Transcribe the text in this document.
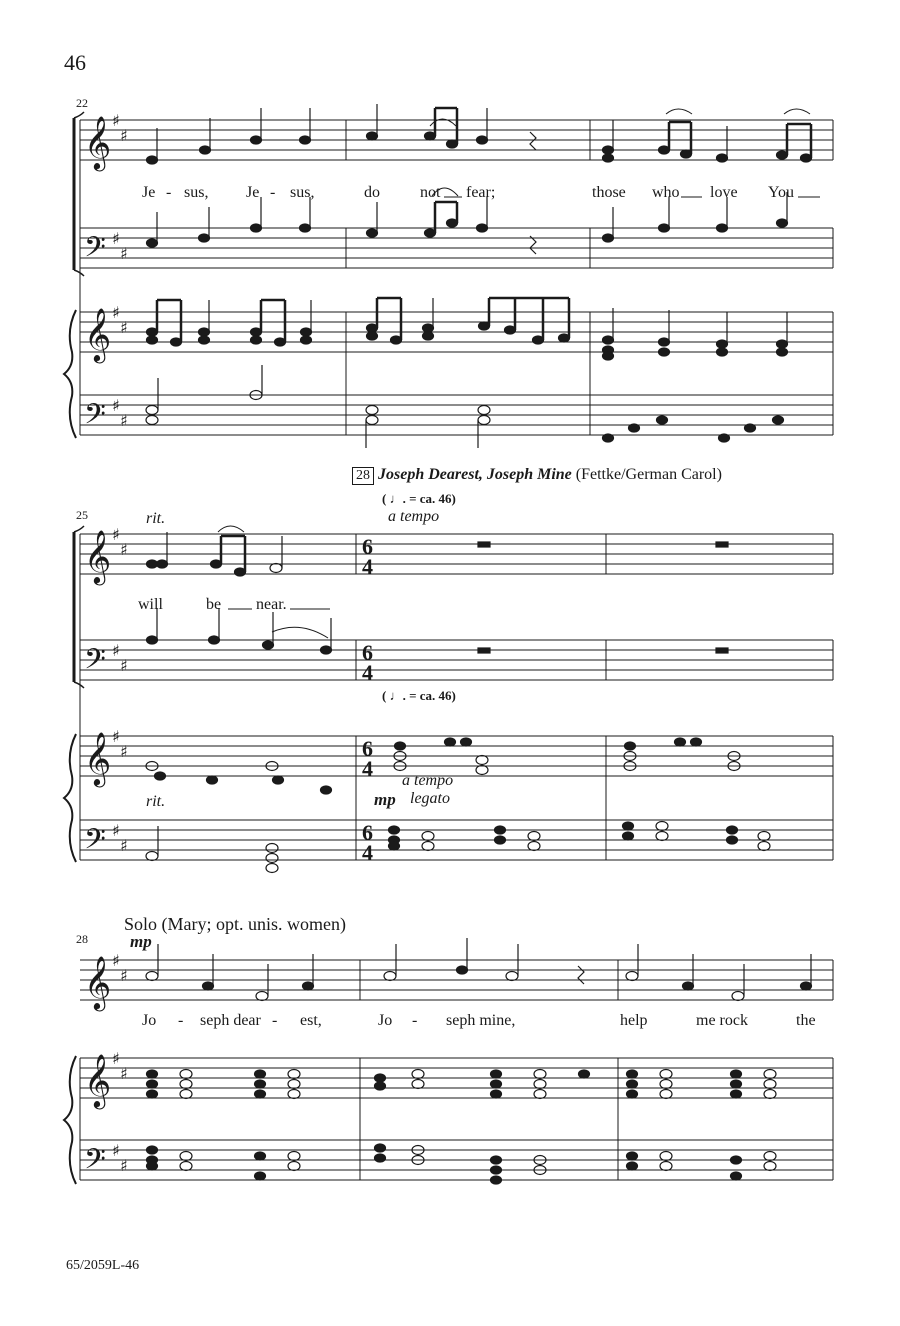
46
22
Je - sus, Je - sus,	do	not fear;	those who love You
28 Joseph Dearest, Joseph Mine (Fettke/German Carol)
( ♩. = ca. 46)
a tempo
25	rit.
will	be near.
( ♩. = ca. 46)
a tempo
mp legato
rit.
Solo (Mary; opt. unis. women)
28 mp
Jo - seph dear - est,	Jo - seph mine,	help	me rock	the
65/2059L-46
𝄞
𝄞
𝄞
𝄞
𝄞
𝄞
𝄢
𝄢
𝄢
𝄢
𝄢
♯
♯
♯
♯
♯
♯
♯
♯
♯
♯
♯
♯
♯
♯
♯
♯
♯
♯
♯
♯
♯
♯
6
4
6
4
6
4
6
4
